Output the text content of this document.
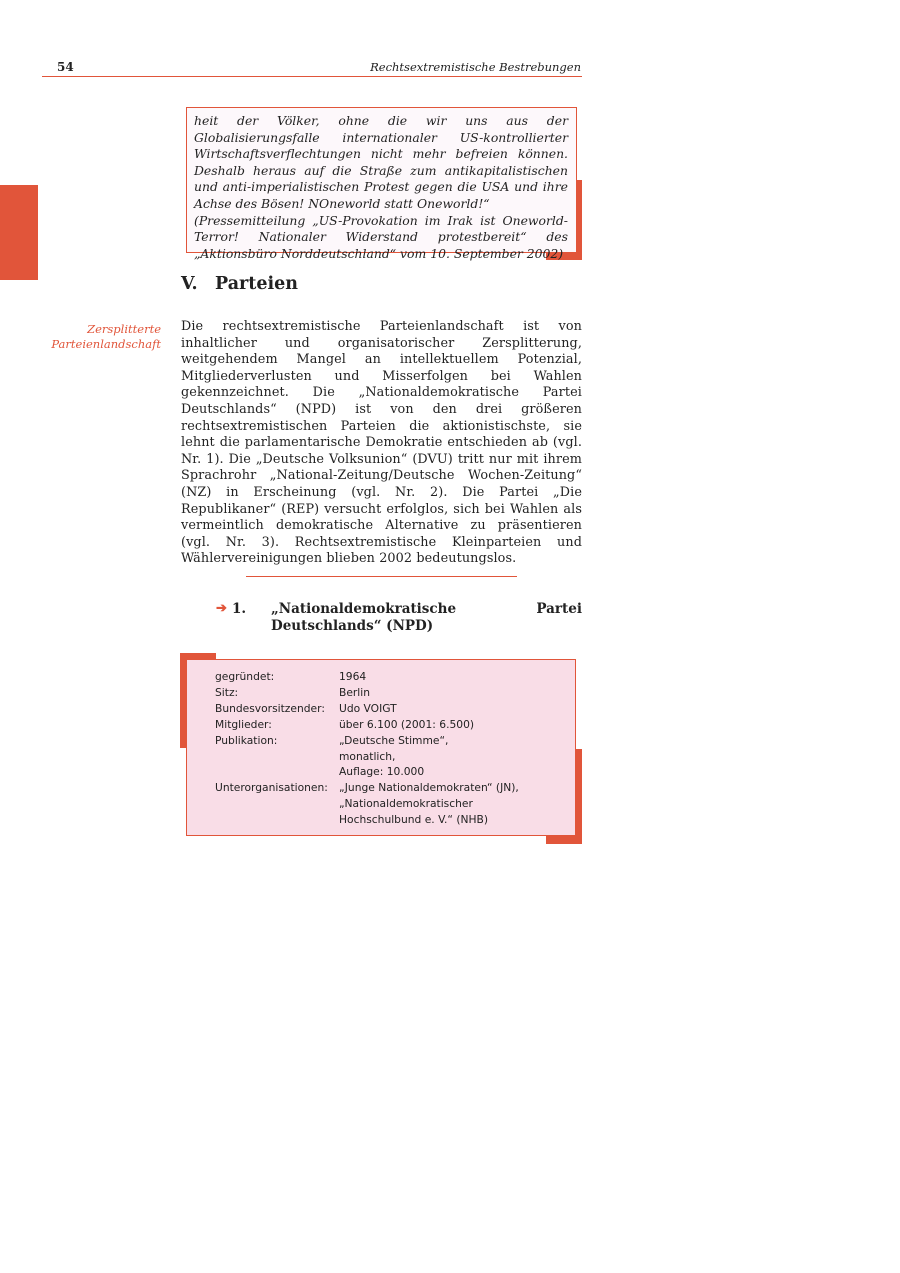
54	Rechtsextremistische Bestrebungen

heit der Völker, ohne die wir uns aus der Globalisierungsfalle internationaler US-kontrollierter Wirtschaftsverflechtungen nicht mehr befreien können. Deshalb heraus auf die Straße zum antikapitalistischen und anti-imperialistischen Protest gegen die USA und ihre Achse des Bösen! NOneworld statt Oneworld!“

(Pressemitteilung „US-Provokation im Irak ist Oneworld-Terror! Nationaler Widerstand protestbereit“ des „Aktionsbüro Norddeutschland“ vom 10. September 2002)

V. Parteien
Zersplitterte Parteienlandschaft

Die rechtsextremistische Parteienlandschaft ist von inhaltlicher und organisatorischer Zersplitterung, weitgehendem Mangel an intellektuellem Potenzial, Mitgliederverlusten und Misserfolgen bei Wahlen gekennzeichnet. Die „Nationaldemokratische Partei Deutschlands“ (NPD) ist von den drei größeren rechtsextremistischen Parteien die aktionistischste, sie lehnt die parlamentarische Demokratie entschieden ab (vgl. Nr. 1). Die „Deutsche Volksunion“ (DVU) tritt nur mit ihrem Sprachrohr „National-Zeitung/Deutsche Wochen-Zeitung“ (NZ) in Erscheinung (vgl. Nr. 2). Die Partei „Die Republikaner“ (REP) versucht erfolglos, sich bei Wahlen als vermeintlich demokratische Alternative zu präsentieren (vgl. Nr. 3). Rechtsextremistische Kleinparteien und Wählervereinigungen blieben 2002 bedeutungslos.

➔ 1. „Nationaldemokratische Partei Deutschlands“ (NPD)
gegründet:	1964
Sitz:	Berlin
Bundesvorsitzender:	Udo VOIGT
Mitglieder:	über 6.100 (2001: 6.500)
Publikation:	„Deutsche Stimme“,
monatlich,
Auflage: 10.000
Unterorganisationen:	„Junge Nationaldemokraten“ (JN),
„Nationaldemokratischer
Hochschulbund e. V.“ (NHB)
